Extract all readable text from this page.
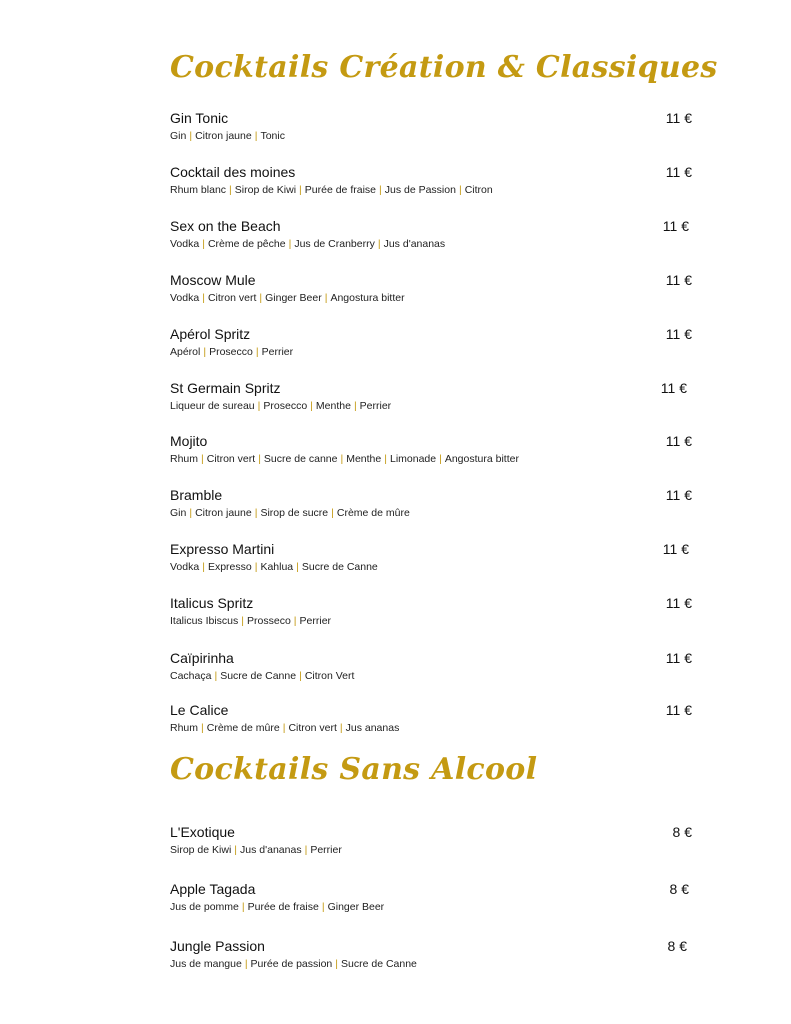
Cocktails Création & Classiques
Gin Tonic	11 €
Gin | Citron jaune | Tonic
Cocktail des moines	11 €
Rhum blanc | Sirop de Kiwi | Purée de fraise | Jus de Passion | Citron
Sex on the Beach	11 €
Vodka | Crème de pêche | Jus de Cranberry | Jus d'ananas
Moscow Mule	11 €
Vodka | Citron vert | Ginger Beer | Angostura bitter
Apérol Spritz	11 €
Apérol | Prosecco | Perrier
St Germain Spritz	11 €
Liqueur de sureau | Prosecco | Menthe | Perrier
Mojito	11 €
Rhum | Citron vert | Sucre de canne | Menthe | Limonade | Angostura bitter
Bramble	11 €
Gin | Citron jaune | Sirop de sucre | Crème de mûre
Expresso Martini	11 €
Vodka | Expresso | Kahlua | Sucre de Canne
Italicus Spritz	11 €
Italicus Ibiscus | Prosseco | Perrier
Caïpirinha	11 €
Cachaça | Sucre de Canne | Citron Vert
Le Calice	11 €
Rhum | Crème de mûre | Citron vert | Jus ananas
Cocktails Sans Alcool
L'Exotique	8 €
Sirop de Kiwi | Jus d'ananas | Perrier
Apple Tagada	8 €
Jus de pomme | Purée de fraise | Ginger Beer
Jungle Passion	8 €
Jus de mangue | Purée de passion | Sucre de Canne
